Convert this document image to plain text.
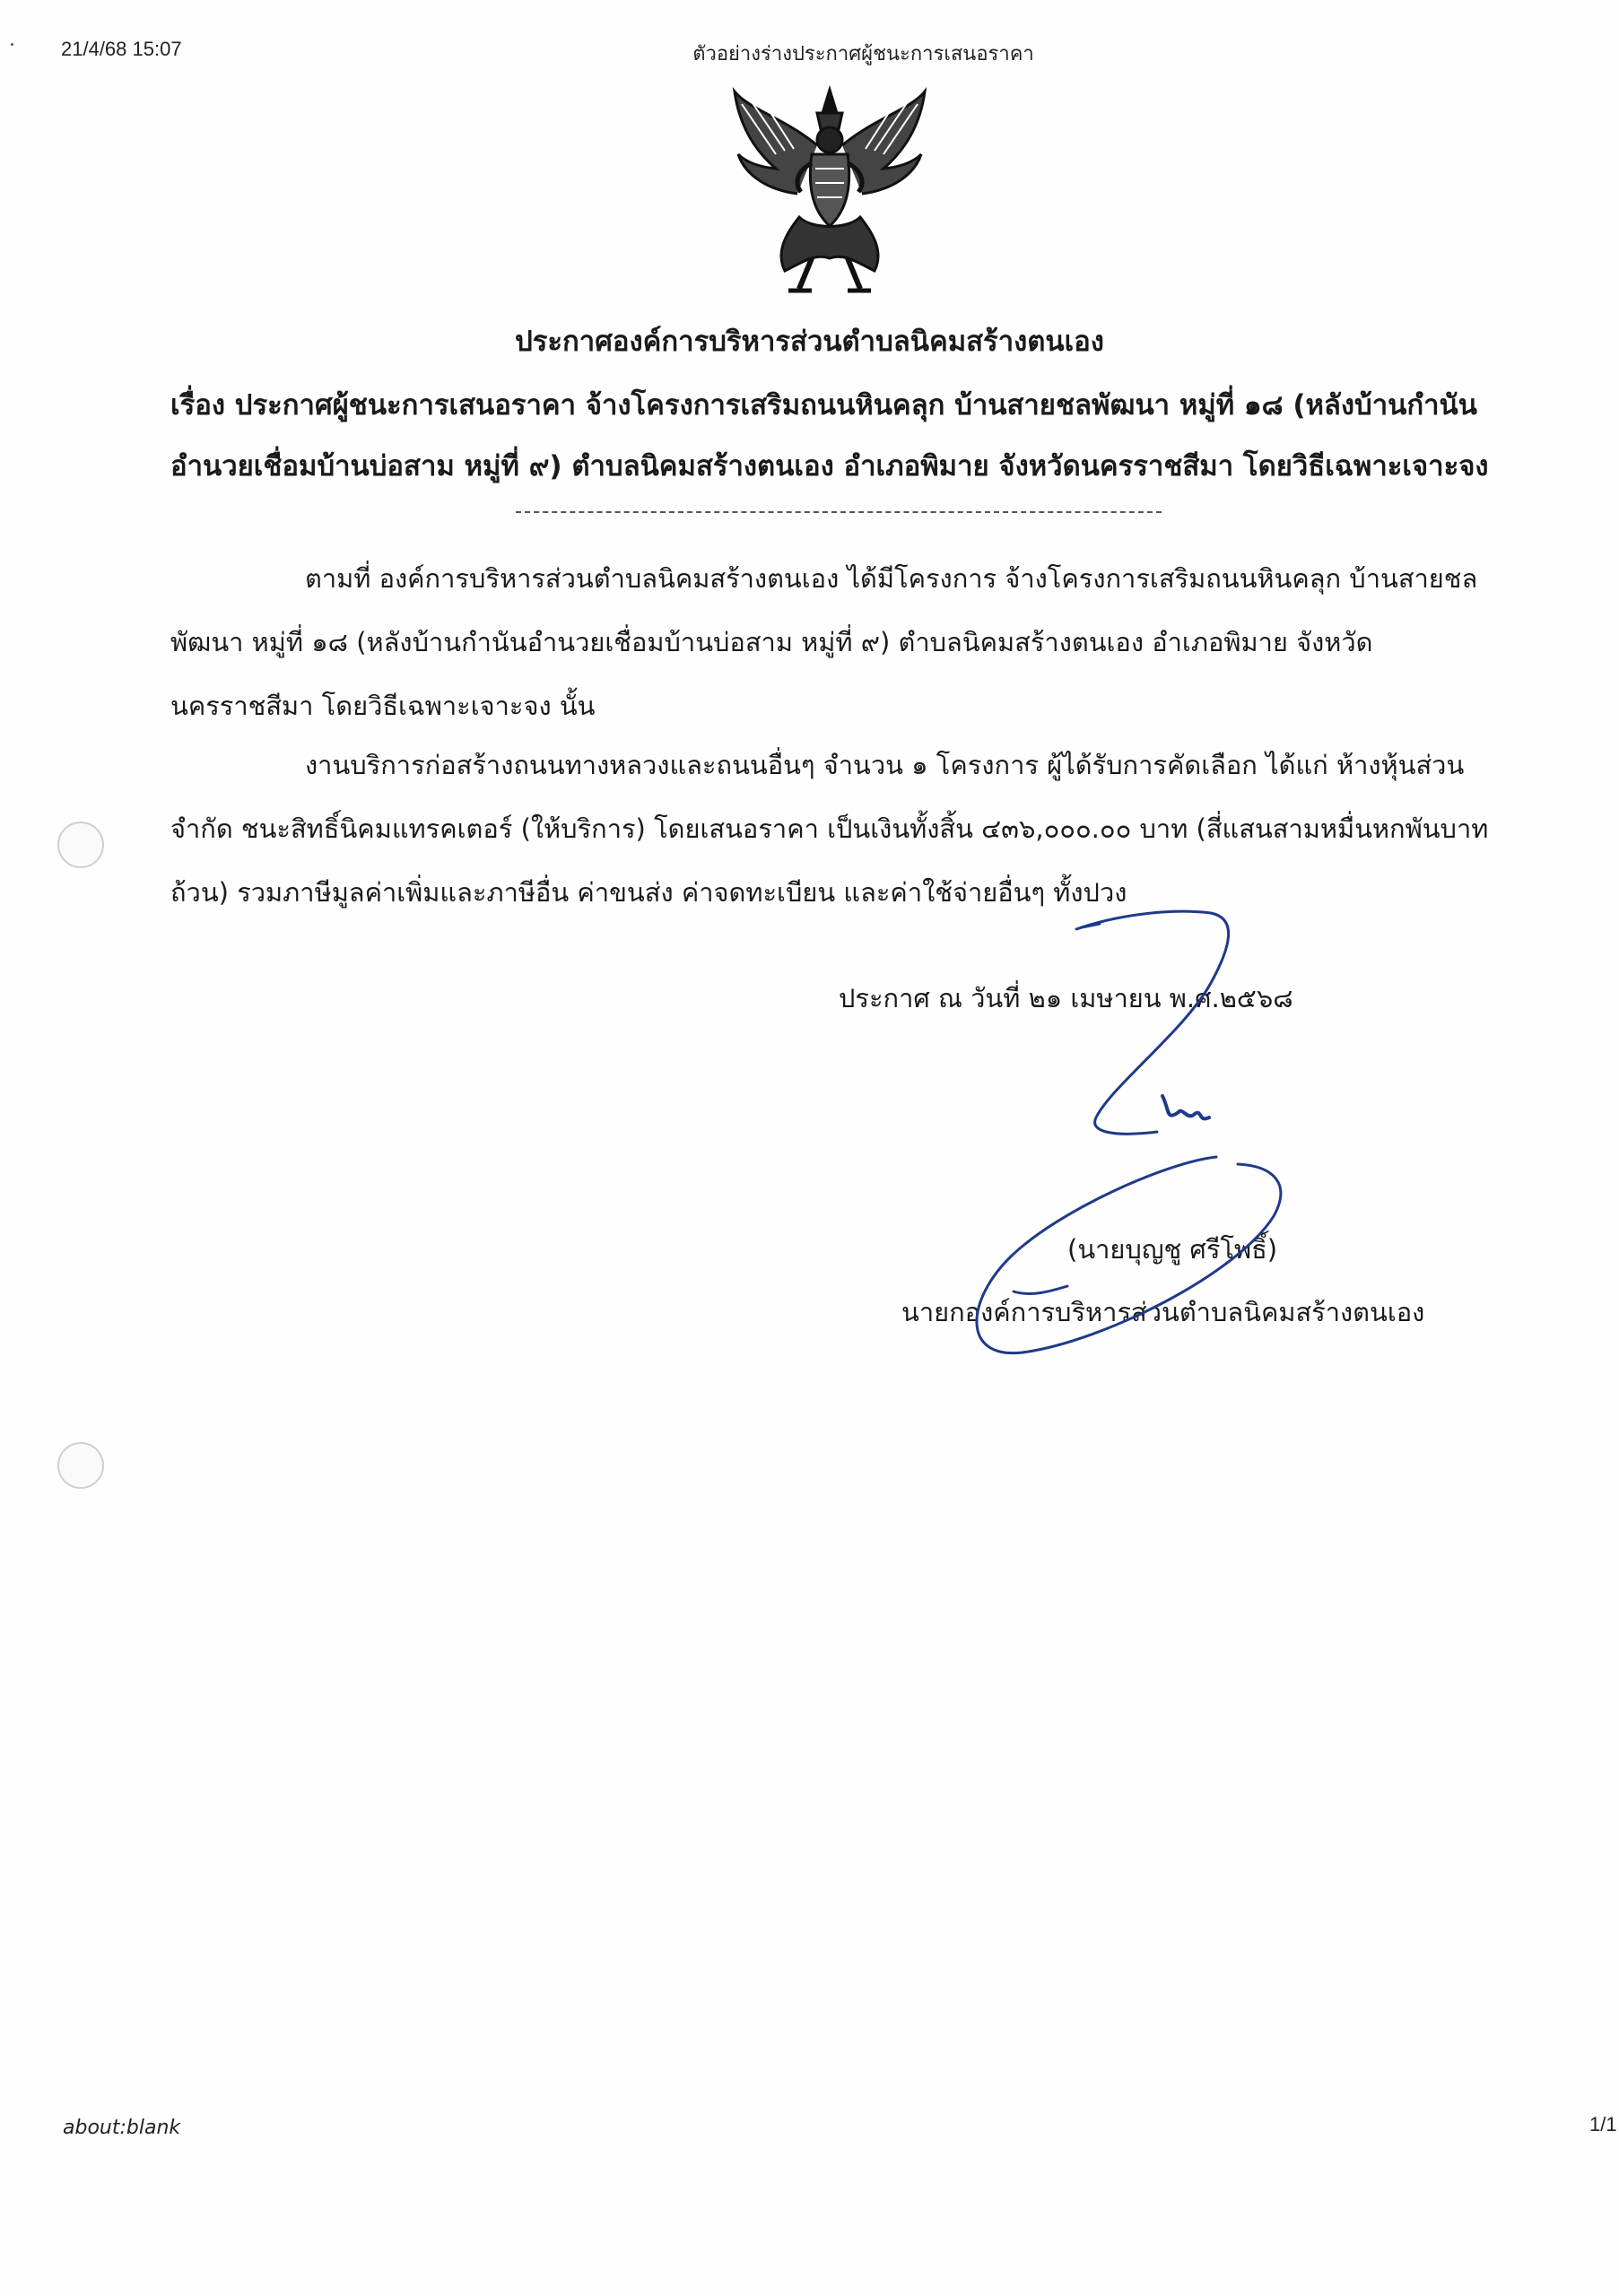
21/4/68 15:07	ตัวอย่างร่างประกาศผู้ชนะการเสนอราคา
ประกาศองค์การบริหารส่วนตำบลนิคมสร้างตนเอง
เรื่อง ประกาศผู้ชนะการเสนอราคา จ้างโครงการเสริมถนนหินคลุก บ้านสายชลพัฒนา หมู่ที่ ๑๘ (หลังบ้านกำนัน
อำนวยเชื่อมบ้านบ่อสาม หมู่ที่ ๙) ตำบลนิคมสร้างตนเอง อำเภอพิมาย จังหวัดนครราชสีมา โดยวิธีเฉพาะเจาะจง
ตามที่ องค์การบริหารส่วนตำบลนิคมสร้างตนเอง ได้มีโครงการ จ้างโครงการเสริมถนนหินคลุก บ้านสายชลพัฒนา หมู่ที่ ๑๘ (หลังบ้านกำนันอำนวยเชื่อมบ้านบ่อสาม หมู่ที่ ๙) ตำบลนิคมสร้างตนเอง อำเภอพิมาย จังหวัดนครราชสีมา โดยวิธีเฉพาะเจาะจง นั้น
งานบริการก่อสร้างถนนทางหลวงและถนนอื่นๆ จำนวน ๑ โครงการ ผู้ได้รับการคัดเลือก ได้แก่ ห้างหุ้นส่วนจำกัด ชนะสิทธิ์นิคมแทรคเตอร์ (ให้บริการ) โดยเสนอราคา เป็นเงินทั้งสิ้น ๔๓๖,๐๐๐.๐๐ บาท (สี่แสนสามหมื่นหกพันบาทถ้วน) รวมภาษีมูลค่าเพิ่มและภาษีอื่น ค่าขนส่ง ค่าจดทะเบียน และค่าใช้จ่ายอื่นๆ ทั้งปวง
ประกาศ ณ วันที่ ๒๑ เมษายน พ.ศ.๒๕๖๘
(นายบุญชู ศรีโพธิ์)
นายกองค์การบริหารส่วนตำบลนิคมสร้างตนเอง
about:blank	1/1
